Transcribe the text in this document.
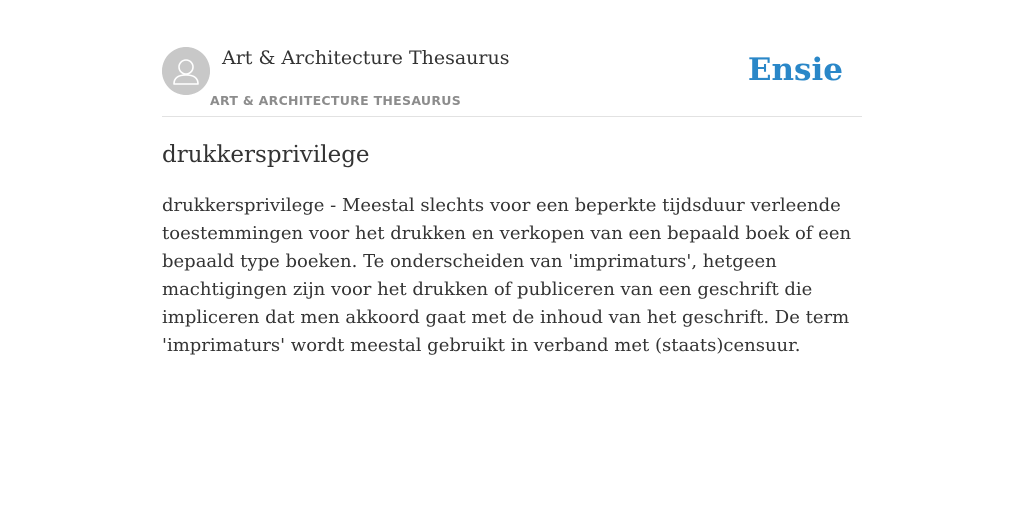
Art & Architecture Thesaurus
ART & ARCHITECTURE THESAURUS
Ensie
drukkersprivilege

drukkersprivilege - Meestal slechts voor een beperkte tijdsduur verleende toestemmingen voor het drukken en verkopen van een bepaald boek of een bepaald type boeken. Te onderscheiden van 'imprimaturs', hetgeen machtigingen zijn voor het drukken of publiceren van een geschrift die impliceren dat men akkoord gaat met de inhoud van het geschrift. De term 'imprimaturs' wordt meestal gebruikt in verband met (staats)censuur.
